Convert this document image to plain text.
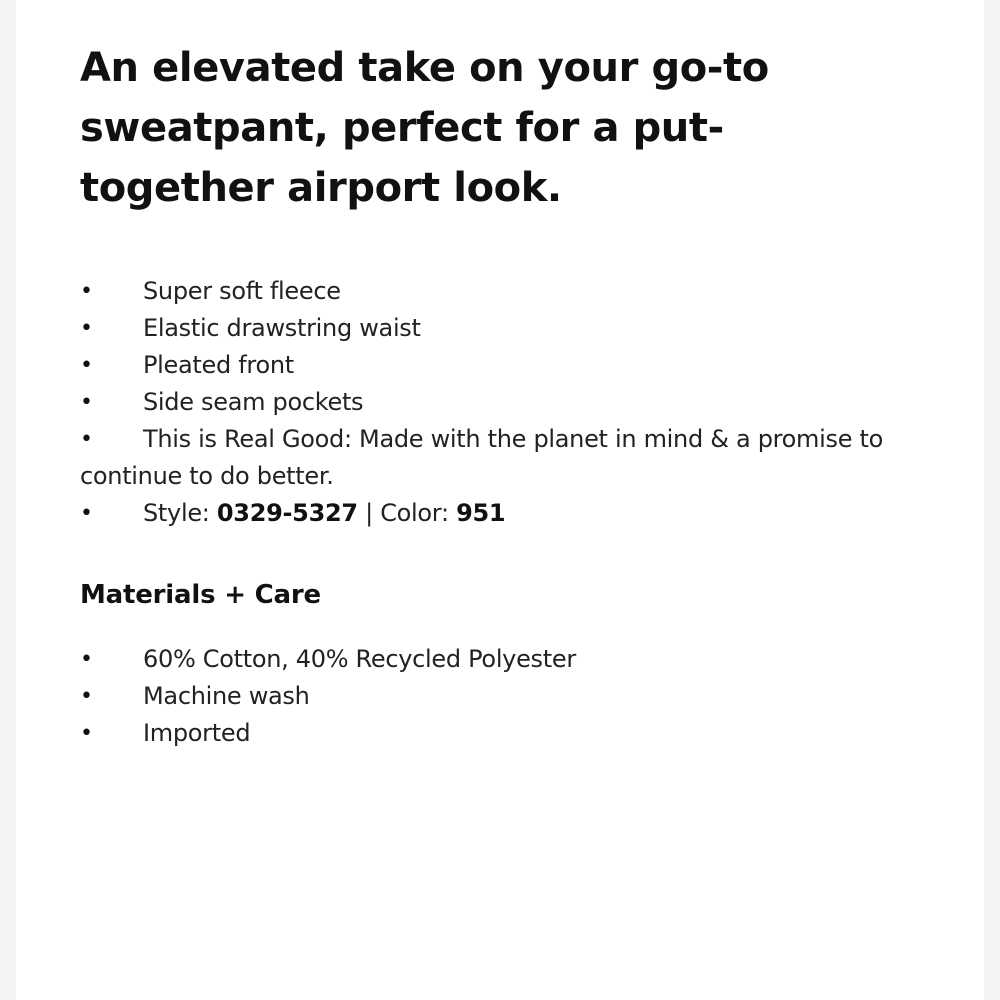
An elevated take on your go-to sweatpant, perfect for a put-together airport look.
• Super soft fleece
• Elastic drawstring waist
• Pleated front
• Side seam pockets
• This is Real Good: Made with the planet in mind & a promise to continue to do better.
• Style: 0329-5327 | Color: 951
Materials + Care
• 60% Cotton, 40% Recycled Polyester
• Machine wash
• Imported
